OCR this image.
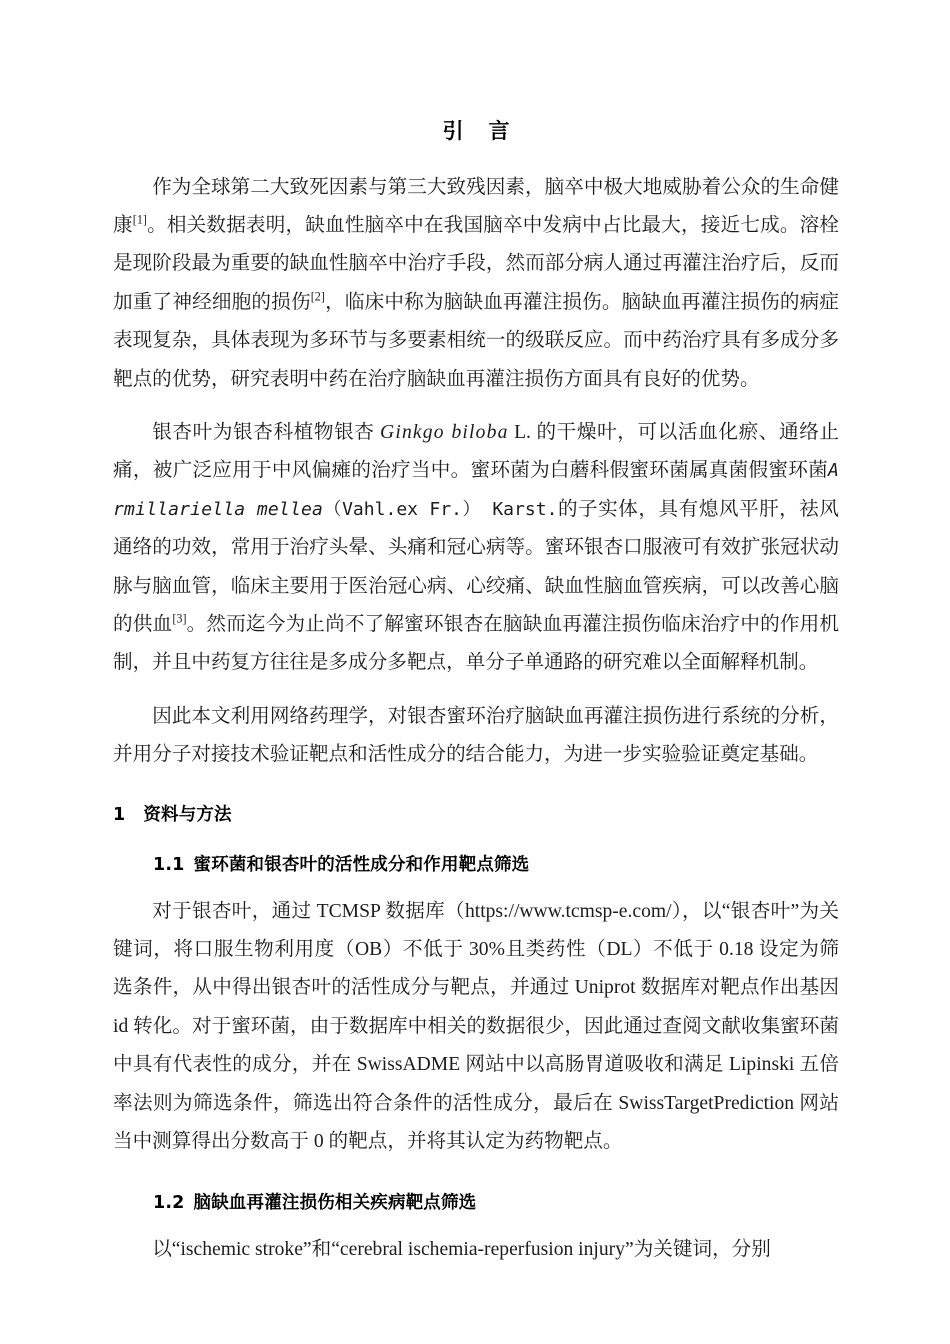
引 言

作为全球第二大致死因素与第三大致残因素，脑卒中极大地威胁着公众的生命健康[1]。相关数据表明，缺血性脑卒中在我国脑卒中发病中占比最大，接近七成。溶栓是现阶段最为重要的缺血性脑卒中治疗手段，然而部分病人通过再灌注治疗后，反而加重了神经细胞的损伤[2]，临床中称为脑缺血再灌注损伤。脑缺血再灌注损伤的病症表现复杂，具体表现为多环节与多要素相统一的级联反应。而中药治疗具有多成分多靶点的优势，研究表明中药在治疗脑缺血再灌注损伤方面具有良好的优势。

银杏叶为银杏科植物银杏 Ginkgo biloba L. 的干燥叶，可以活血化瘀、通络止痛，被广泛应用于中风偏瘫的治疗当中。蜜环菌为白蘑科假蜜环菌属真菌假蜜环菌Armillariella mellea（Vahl.ex Fr.） Karst.的子实体，具有熄风平肝，祛风通络的功效，常用于治疗头晕、头痛和冠心病等。蜜环银杏口服液可有效扩张冠状动脉与脑血管，临床主要用于医治冠心病、心绞痛、缺血性脑血管疾病，可以改善心脑的供血[3]。然而迄今为止尚不了解蜜环银杏在脑缺血再灌注损伤临床治疗中的作用机制，并且中药复方往往是多成分多靶点，单分子单通路的研究难以全面解释机制。

因此本文利用网络药理学，对银杏蜜环治疗脑缺血再灌注损伤进行系统的分析，并用分子对接技术验证靶点和活性成分的结合能力，为进一步实验验证奠定基础。

1 资料与方法
1.1 蜜环菌和银杏叶的活性成分和作用靶点筛选

对于银杏叶，通过 TCMSP 数据库（https://www.tcmsp-e.com/），以“银杏叶”为关键词，将口服生物利用度（OB）不低于 30%且类药性（DL）不低于 0.18 设定为筛选条件，从中得出银杏叶的活性成分与靶点，并通过 Uniprot 数据库对靶点作出基因 id 转化。对于蜜环菌，由于数据库中相关的数据很少，因此通过查阅文献收集蜜环菌中具有代表性的成分，并在 SwissADME 网站中以高肠胃道吸收和满足 Lipinski 五倍率法则为筛选条件，筛选出符合条件的活性成分，最后在 SwissTargetPrediction 网站当中测算得出分数高于 0 的靶点，并将其认定为药物靶点。

1.2 脑缺血再灌注损伤相关疾病靶点筛选

以“ischemic stroke”和“cerebral ischemia-reperfusion injury”为关键词，分别
